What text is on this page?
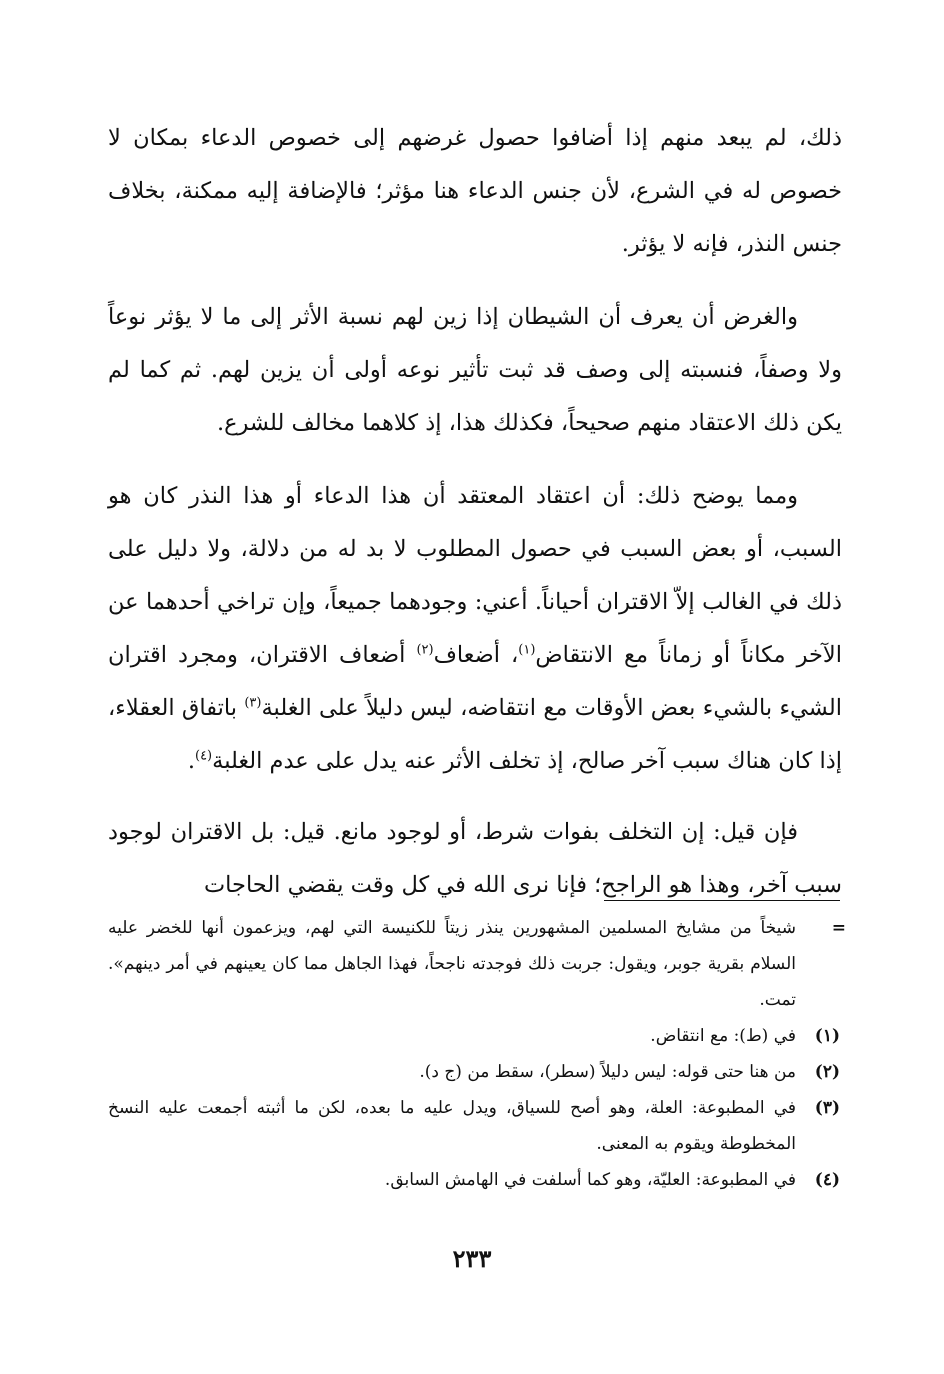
ذلك، لم يبعد منهم إذا أضافوا حصول غرضهم إلى خصوص الدعاء بمكان لا خصوص له في الشرع، لأن جنس الدعاء هنا مؤثر؛ فالإضافة إليه ممكنة، بخلاف جنس النذر، فإنه لا يؤثر.

والغرض أن يعرف أن الشيطان إذا زين لهم نسبة الأثر إلى ما لا يؤثر نوعاً ولا وصفاً، فنسبته إلى وصف قد ثبت تأثير نوعه أولى أن يزين لهم. ثم كما لم يكن ذلك الاعتقاد منهم صحيحاً، فكذلك هذا، إذ كلاهما مخالف للشرع.

ومما يوضح ذلك: أن اعتقاد المعتقد أن هذا الدعاء أو هذا النذر كان هو السبب، أو بعض السبب في حصول المطلوب لا بد له من دلالة، ولا دليل على ذلك في الغالب إلاّ الاقتران أحياناً. أعني: وجودهما جميعاً، وإن تراخي أحدهما عن الآخر مكاناً أو زماناً مع الانتقاض$^{(١)}$، أضعاف$^{(٢)}$ أضعاف الاقتران، ومجرد اقتران الشيء بالشيء بعض الأوقات مع انتقاضه، ليس دليلاً على الغلبة$^{(٣)}$ باتفاق العقلاء، إذا كان هناك سبب آخر صالح، إذ تخلف الأثر عنه يدل على عدم الغلبة$^{(٤)}$.

فإن قيل: إن التخلف بفوات شرط، أو لوجود مانع. قيل: بل الاقتران لوجود سبب آخر، وهذا هو الراجح؛ فإنا نرى الله في كل وقت يقضي الحاجات

=
شيخاً من مشايخ المسلمين المشهورين ينذر زيتاً للكنيسة التي لهم، ويزعمون أنها للخضر عليه السلام بقرية جوبر، ويقول: جربت ذلك فوجدته ناجحاً، فهذا الجاهل مما كان يعينهم في أمر دينهم». تمت.
(١)
في (ط): مع انتقاض.
(٢)
من هنا حتى قوله: ليس دليلاً (سطر)، سقط من (ج د).
(٣)
في المطبوعة: العلة، وهو أصح للسياق، ويدل عليه ما بعده، لكن ما أثبته أجمعت عليه النسخ المخطوطة ويقوم به المعنى.
(٤)
في المطبوعة: العليّة، وهو كما أسلفت في الهامش السابق.
٢٣٣
